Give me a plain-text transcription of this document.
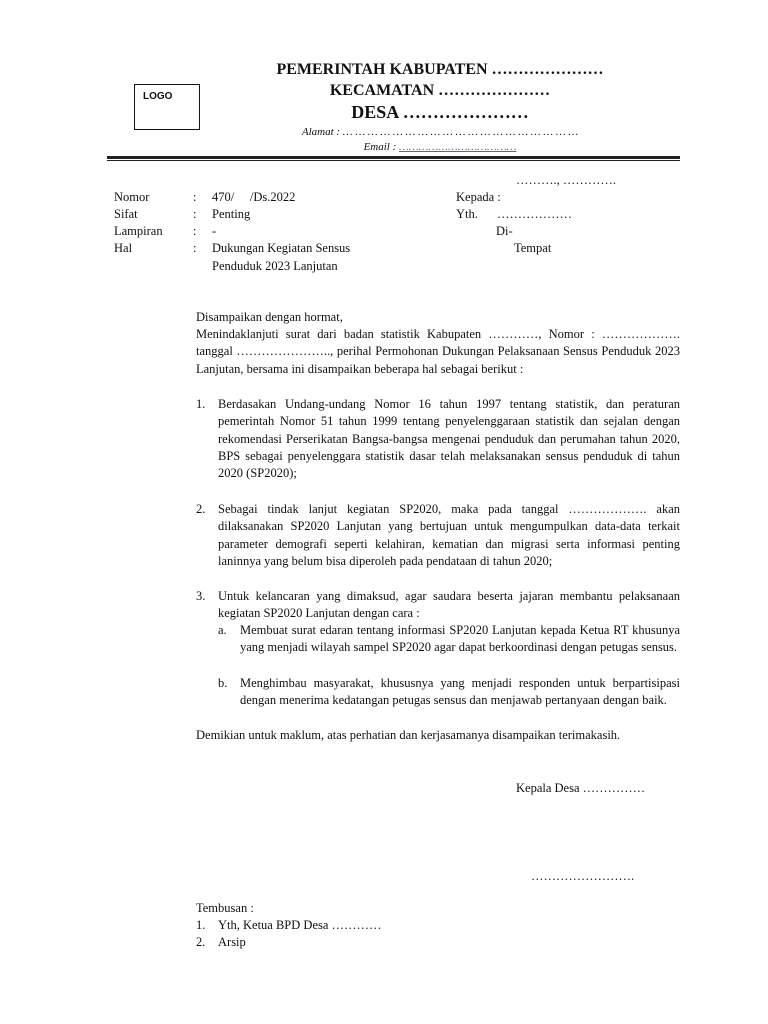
LOGO
PEMERINTAH KABUPATEN …………………
KECAMATAN …………………
DESA …………………
Alamat : … … … … … … … … … … … … … … … … … … …
Email : ………………………………
………., ………….
Nomor	: 470/     /Ds.2022
Sifat	: Penting
Lampiran : -
Hal	: Dukungan Kegiatan Sensus
Penduduk 2023 Lanjutan
Kepada :
Yth. ………………
Di-
Tempat
Disampaikan dengan hormat,
Menindaklanjuti surat dari badan statistik Kabupaten …………, Nomor : ………………. tanggal ………………….., perihal Permohonan Dukungan Pelaksanaan Sensus Penduduk 2023 Lanjutan, bersama ini disampaikan beberapa hal sebagai berikut :
1. Berdasakan Undang-undang Nomor 16 tahun 1997 tentang statistik, dan peraturan pemerintah Nomor 51 tahun 1999 tentang penyelenggaraan statistik dan sejalan dengan rekomendasi Perserikatan Bangsa-bangsa mengenai penduduk dan perumahan tahun 2020, BPS sebagai penyelenggara statistik dasar telah melaksanakan sensus penduduk di tahun 2020 (SP2020);
2. Sebagai tindak lanjut kegiatan SP2020, maka pada tanggal ………………. akan dilaksanakan SP2020 Lanjutan yang bertujuan untuk mengumpulkan data-data terkait parameter demografi seperti kelahiran, kematian dan migrasi serta informasi penting laninnya yang belum bisa diperoleh pada pendataan di tahun 2020;
3. Untuk kelancaran yang dimaksud, agar saudara beserta jajaran membantu pelaksanaan kegiatan SP2020 Lanjutan dengan cara :
a. Membuat surat edaran tentang informasi SP2020 Lanjutan kepada Ketua RT khusunya yang menjadi wilayah sampel SP2020 agar dapat berkoordinasi dengan petugas sensus.
b. Menghimbau masyarakat, khususnya yang menjadi responden untuk berpartisipasi dengan menerima kedatangan petugas sensus dan menjawab pertanyaan dengan baik.
Demikian untuk maklum, atas perhatian dan kerjasamanya disampaikan terimakasih.
Kepala Desa ……………
…………………….
Tembusan :
1. Yth, Ketua BPD Desa …………
2. Arsip
